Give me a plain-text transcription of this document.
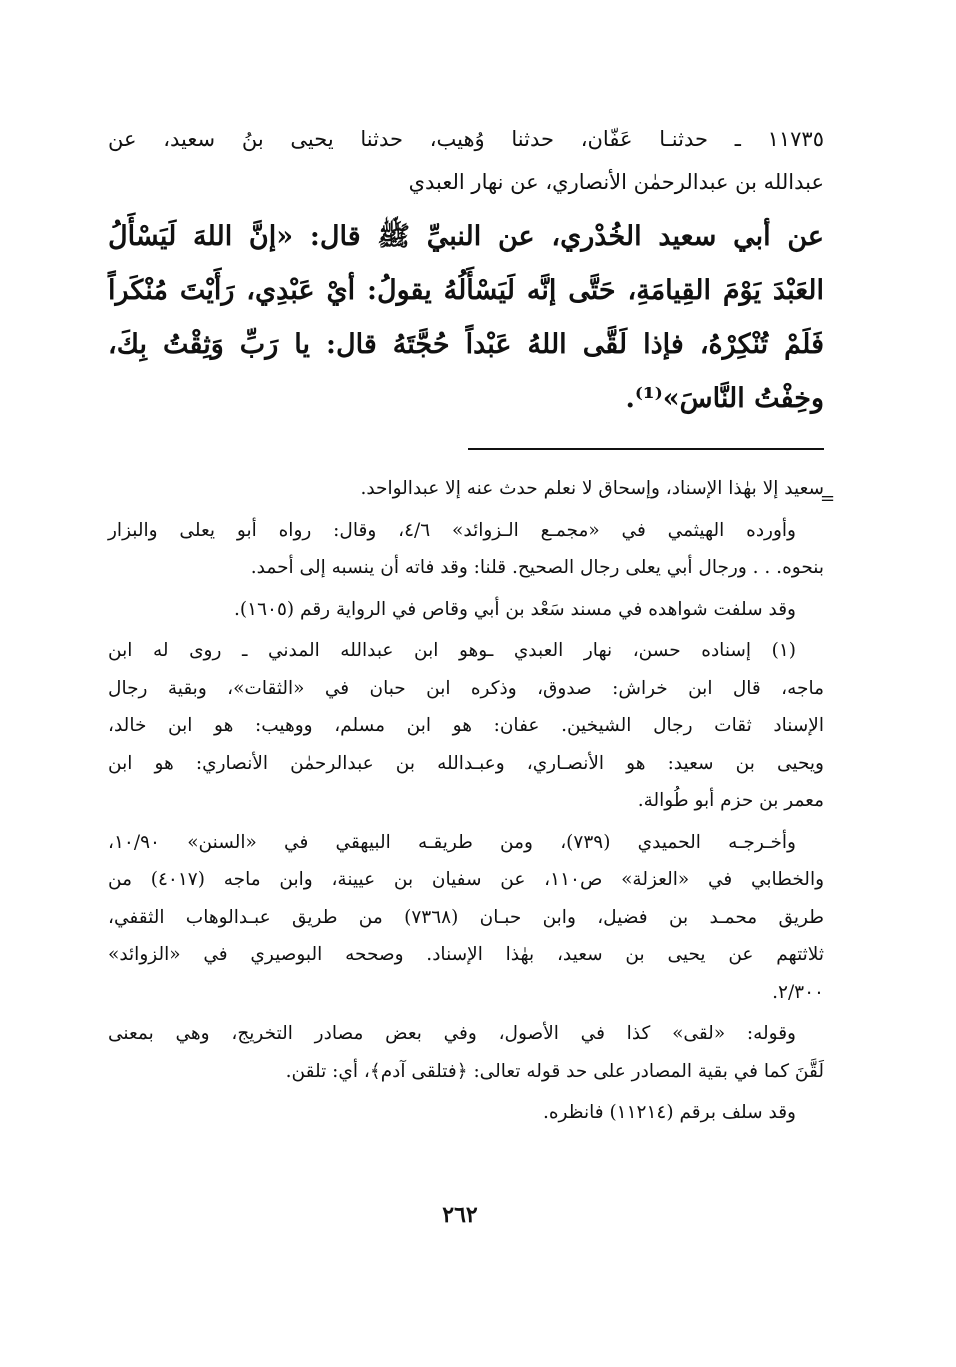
١١٧٣٥ ـ حدثنـا عَفّان، حدثنا وُهيب، حدثنا يحيى بنُ سعيد، عن

عبدالله بن عبدالرحمٰن الأنصاري، عن نهار العبدي

عن أبي سعيد الخُدْري، عن النبيِّ ﷺ قال: «إنَّ اللهَ لَيَسْأَلُ
العَبْدَ يَوْمَ القِيامَةِ، حَتَّى إنَّه لَيَسْأَلُهُ يقولُ: أيْ عَبْدِي، رَأَيْتَ مُنْكَراً
فَلَمْ تُنْكِرْهُ، فإذا لَقَّى اللهُ عَبْداً حُجَّتَهُ قال: يا رَبِّ وَثِقْتُ بِكَ،
وخِفْتُ النَّاسَ»⁽¹⁾.
سعيد إلا بهٰذا الإسناد، وإسحاق لا نعلم حدث عنه إلا عبدالواحد.
وأورده الهيثمي في «مجمـع الـزوائد» ٤/٦، وقال: رواه أبو يعلى والبزار
بنحوه. . . ورجال أبي يعلى رجال الصحيح. قلنا: وقد فاته أن ينسبه إلى أحمد.
وقد سلفت شواهده في مسند سَعْد بن أبي وقاص في الرواية رقم (١٦٠٥).
(١) إسناده حسن، نهار العبدي ـوهو ابن عبدالله المدني ـ روى له ابن
ماجه، قال ابن خراش: صدوق، وذكره ابن حبان في «الثقات»، وبقية رجال
الإسناد ثقات رجال الشيخين. عفان: هو ابن مسلم، ووهيب: هو ابن خالد،
ويحيى بن سعيد: هو الأنصـاري، وعبـدالله بن عبدالرحمٰن الأنصاري: هو ابن
معمر بن حزم أبو طُوالة.
وأخـرجـه الحميدي (٧٣٩)، ومن طريقـه البيهقي في «السنن» ١٠/٩٠،
والخطابي في «العزلة» ص١١٠، عن سفيان بن عيينة، وابن ماجه (٤٠١٧) من
طريق محمـد بن فضيل، وابن حبـان (٧٣٦٨) من طريق عبـدالوهاب الثقفي،
ثلاثتهم عن يحيى بن سعيد، بهٰذا الإسناد. وصححه البوصيري في «الزوائد»
٢/٣٠٠.
وقوله: «لقى» كذا في الأصول، وفي بعض مصادر التخريج، وهي بمعنى
لَقَّنَ كما في بقية المصادر على حد قوله تعالى: ﴿فتلقى آدم﴾، أي: تلقن.
وقد سلف برقم (١١٢١٤) فانظره.
=
٢٦٢
